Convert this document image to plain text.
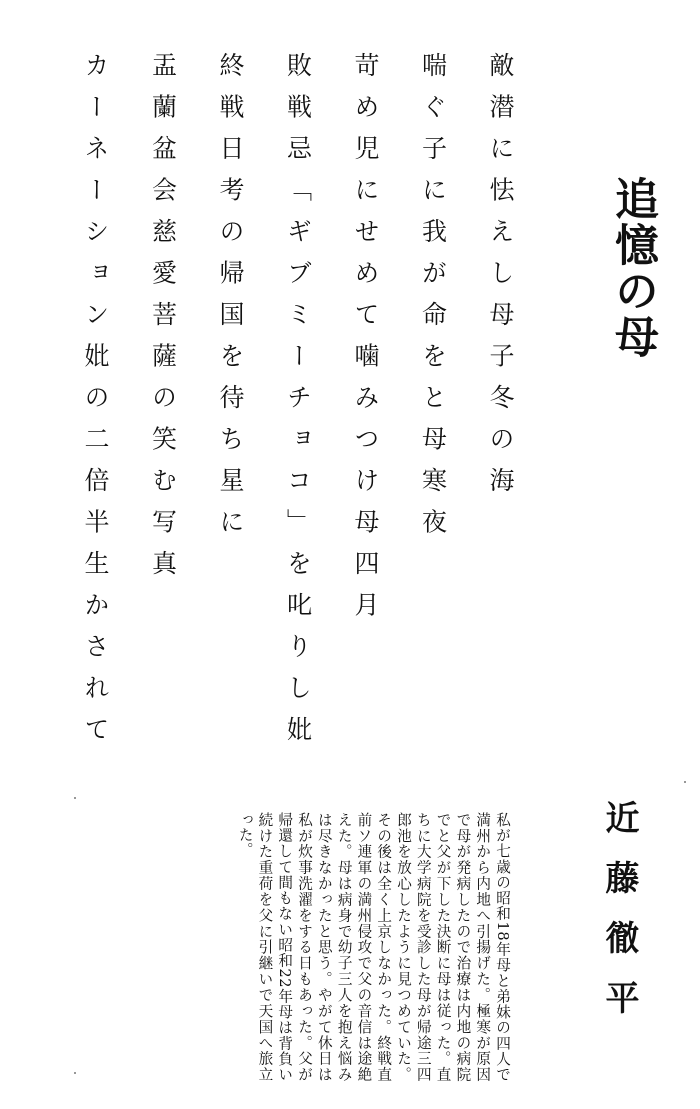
追憶の母
敵潜に怯えし母子冬の海
喘ぐ子に我が命をと母寒夜
苛め児にせめて噛みつけ母四月
敗戦忌「ギブミーチョコ」を叱りし妣
終戦日考の帰国を待ち星に
盂蘭盆会慈愛菩薩の笑む写真
カーネーション妣の二倍半生かされて
近藤徹平

私が七歳の昭和18年母と弟妹の四人で満州から内地へ引揚げた。極寒が原因で母が発病したので治療は内地の病院でと父が下した決断に母は従った。直ちに大学病院を受診した母が帰途三四郎池を放心したように見つめていた。その後は全く上京しなかった。終戦直前ソ連軍の満州侵攻で父の音信は途絶えた。母は病身で幼子三人を抱え悩みは尽きなかったと思う。やがて休日は私が炊事洗濯をする日もあった。父が帰還して間もない昭和22年母は背負い続けた重荷を父に引継いで天国へ旅立った。
